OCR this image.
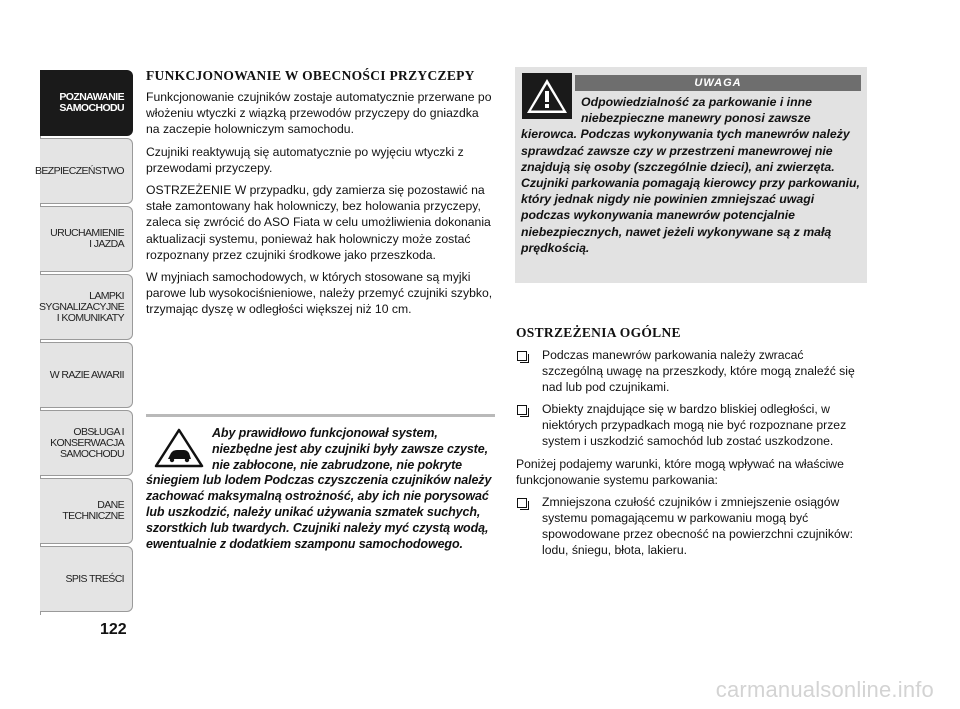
POZNAWANIE
SAMOCHODU
BEZPIECZEŃSTWO
URUCHAMIENIE
I JAZDA
LAMPKI
SYGNALIZACYJNE
I KOMUNIKATY
W RAZIE AWARII
OBSŁUGA I
KONSERWACJA
SAMOCHODU
DANE TECHNICZNE
SPIS TREŚCI
122

FUNKCJONOWANIE W OBECNOŚCI PRZYCZEPY

Funkcjonowanie czujników zostaje automatycznie przerwane po włożeniu wtyczki z wiązką przewodów przyczepy do gniazdka na zaczepie holowniczym samochodu.

Czujniki reaktywują się automatycznie po wyjęciu wtyczki z przewodami przyczepy.

OSTRZEŻENIE W przypadku, gdy zamierza się pozostawić na stałe zamontowany hak holowniczy, bez holowania przyczepy, zaleca się zwrócić do ASO Fiata w celu umożliwienia dokonania aktualizacji systemu, ponieważ hak holowniczy może zostać rozpoznany przez czujniki środkowe jako przeszkoda.

W myjniach samochodowych, w których stosowane są myjki parowe lub wysokociśnieniowe, należy przemyć czujniki szybko, trzymając dyszę w odległości większej niż 10 cm.

Aby prawidłowo funkcjonował system, niezbędne jest aby czujniki były zawsze czyste, nie zabłocone, nie zabrudzone, nie pokryte śniegiem lub lodem Podczas czyszczenia czujników należy zachować maksymalną ostrożność, aby ich nie porysować lub uszkodzić, należy unikać używania szmatek suchych, szorstkich lub twardych. Czujniki należy myć czystą wodą, ewentualnie z dodatkiem szamponu samochodowego.

UWAGA
Odpowiedzialność za parkowanie i inne niebezpieczne manewry ponosi zawsze kierowca. Podczas wykonywania tych manewrów należy sprawdzać zawsze czy w przestrzeni manewrowej nie znajdują się osoby (szczególnie dzieci), ani zwierzęta. Czujniki parkowania pomagają kierowcy przy parkowaniu, który jednak nigdy nie powinien zmniejszać uwagi podczas wykonywania manewrów potencjalnie niebezpiecznych, nawet jeżeli wykonywane są z małą prędkością.

OSTRZEŻENIA OGÓLNE

Podczas manewrów parkowania należy zwracać szczególną uwagę na przeszkody, które mogą znaleźć się nad lub pod czujnikami.
Obiekty znajdujące się w bardzo bliskiej odległości, w niektórych przypadkach mogą nie być rozpoznane przez system i uszkodzić samochód lub zostać uszkodzone.

Poniżej podajemy warunki, które mogą wpływać na właściwe funkcjonowanie systemu parkowania:

Zmniejszona czułość czujników i zmniejszenie osiągów systemu pomagającemu w parkowaniu mogą być spowodowane przez obecność na powierzchni czujników: lodu, śniegu, błota, lakieru.
carmanualsonline.info
